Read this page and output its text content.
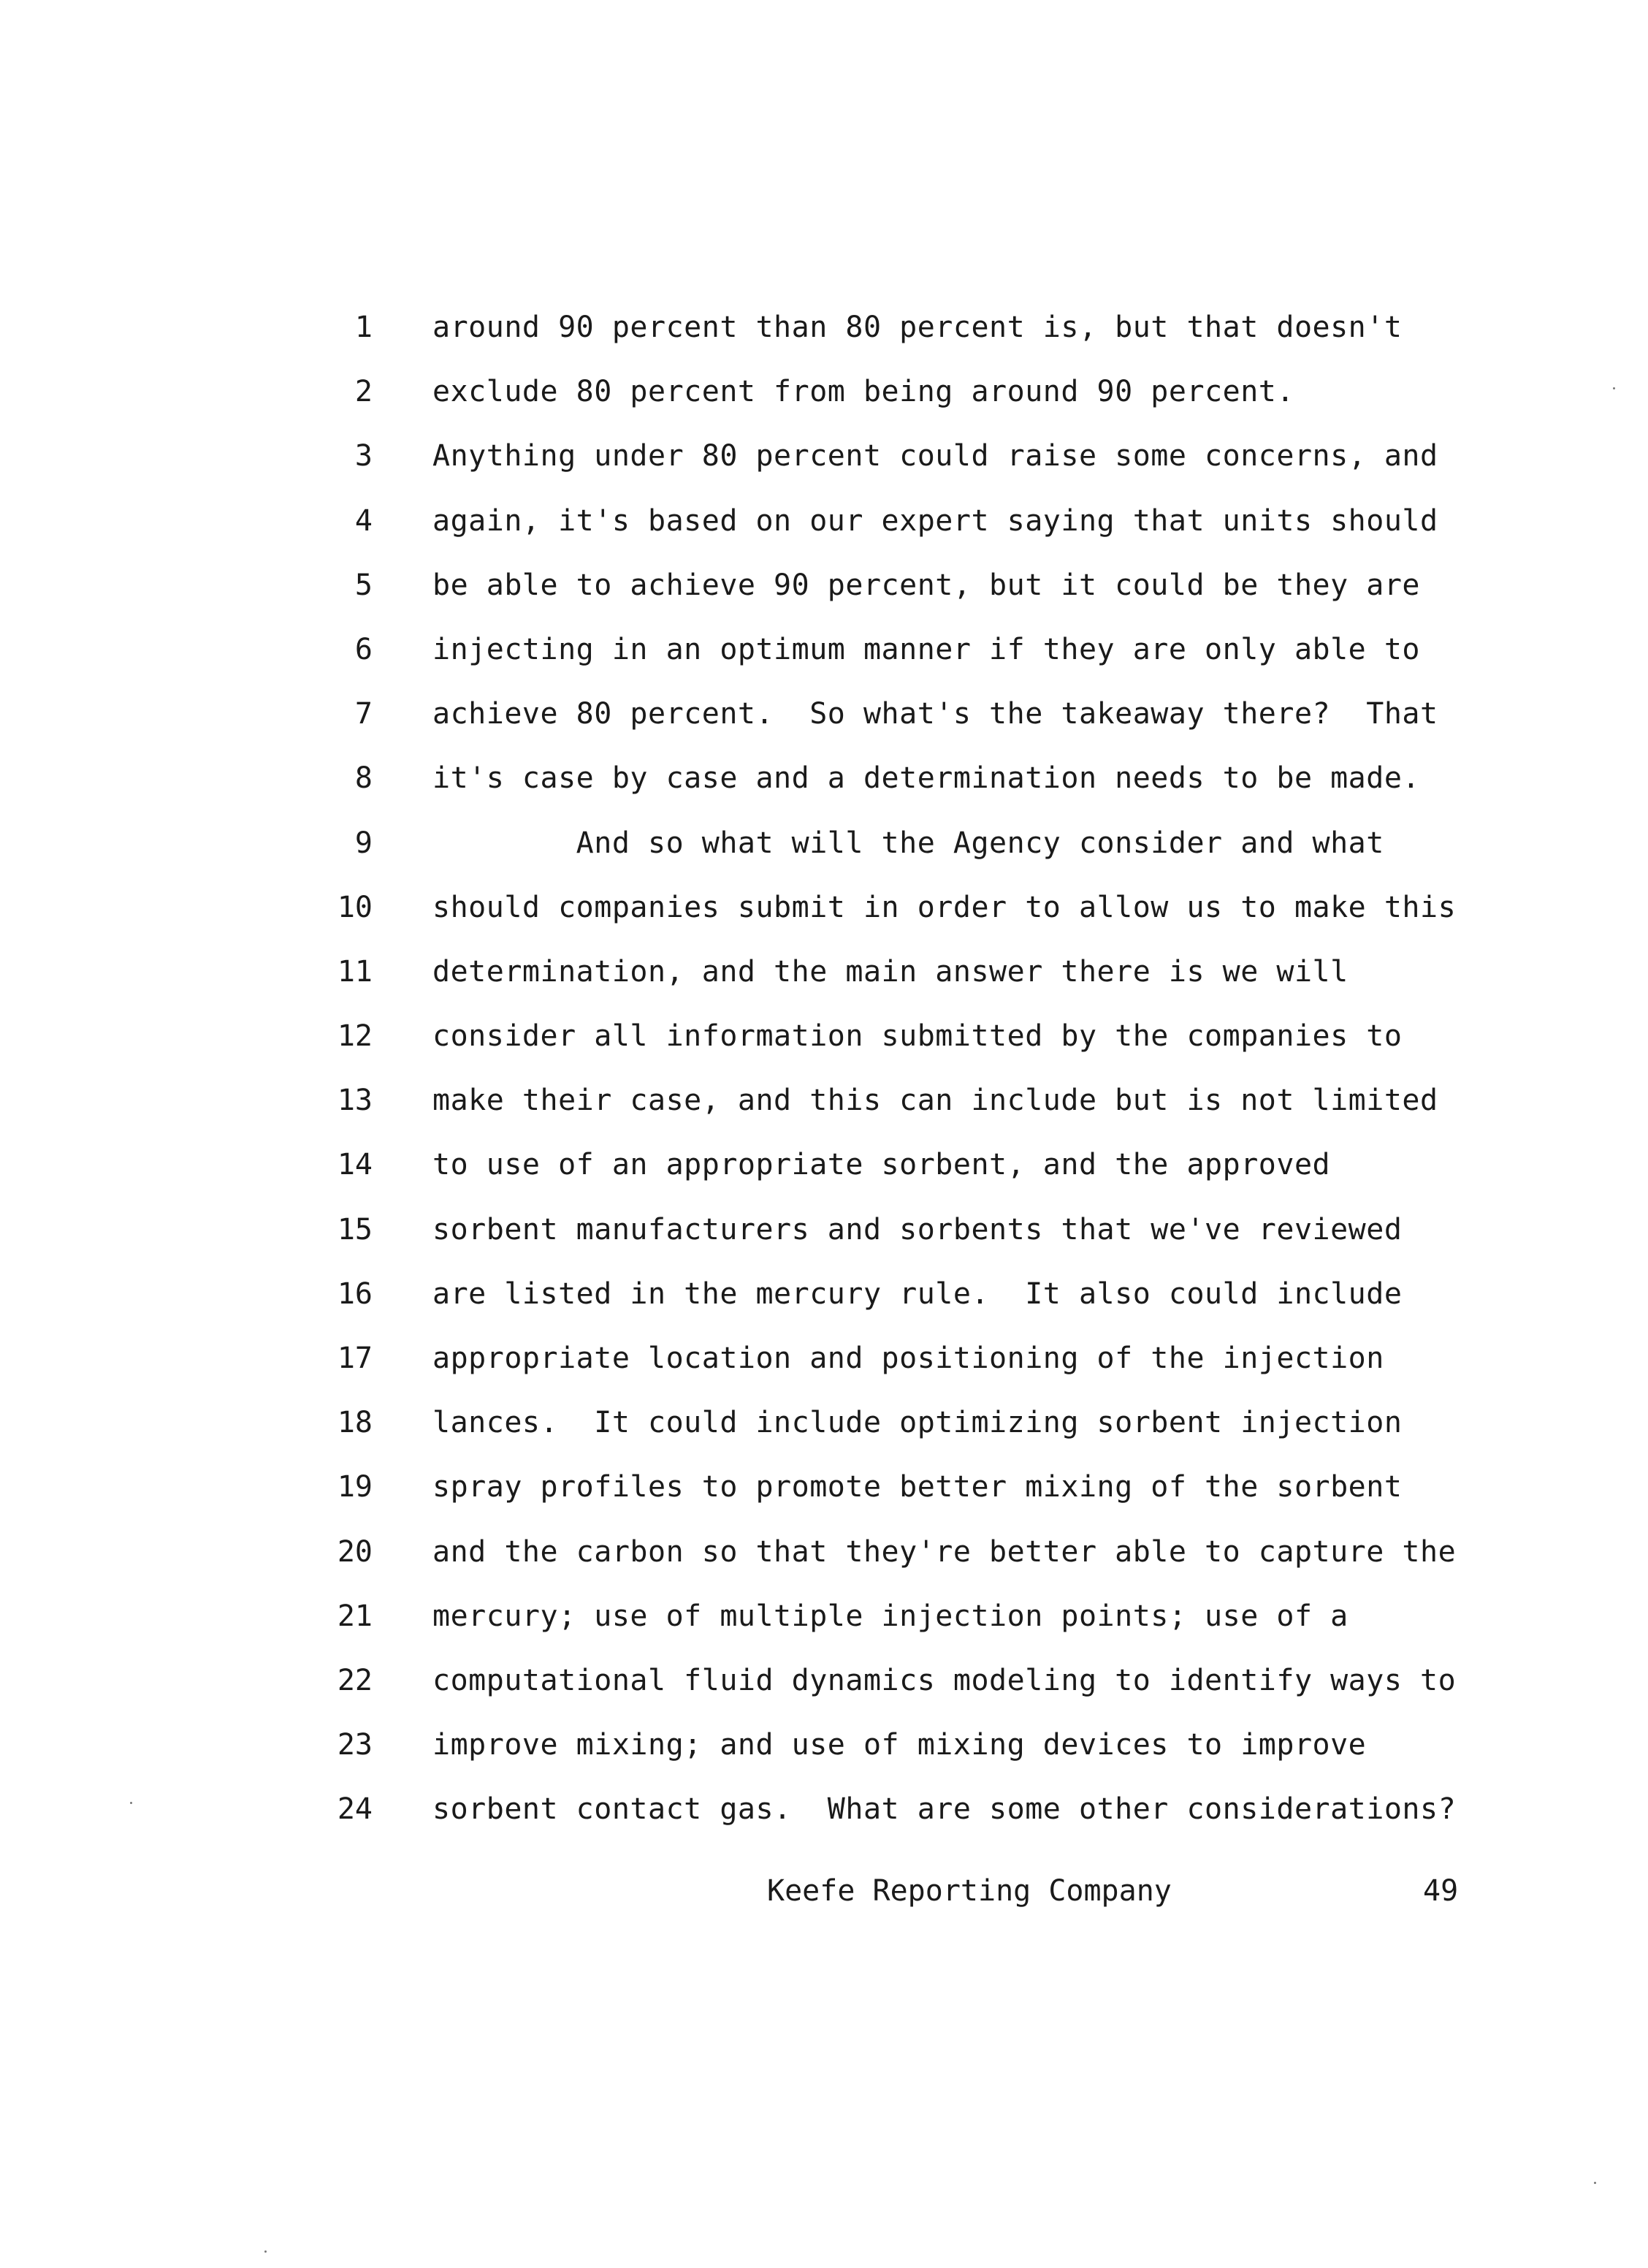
1 around 90 percent than 80 percent is, but that doesn't
2 exclude 80 percent from being around 90 percent.
3 Anything under 80 percent could raise some concerns, and
4 again, it's based on our expert saying that units should
5 be able to achieve 90 percent, but it could be they are
6 injecting in an optimum manner if they are only able to
7 achieve 80 percent.  So what's the takeaway there?  That
8 it's case by case and a determination needs to be made.
9 And so what will the Agency consider and what
10 should companies submit in order to allow us to make this
11 determination, and the main answer there is we will
12 consider all information submitted by the companies to
13 make their case, and this can include but is not limited
14 to use of an appropriate sorbent, and the approved
15 sorbent manufacturers and sorbents that we've reviewed
16 are listed in the mercury rule.  It also could include
17 appropriate location and positioning of the injection
18 lances.  It could include optimizing sorbent injection
19 spray profiles to promote better mixing of the sorbent
20 and the carbon so that they're better able to capture the
21 mercury; use of multiple injection points; use of a
22 computational fluid dynamics modeling to identify ways to
23 improve mixing; and use of mixing devices to improve
24 sorbent contact gas.  What are some other considerations?
Keefe Reporting Company	49
